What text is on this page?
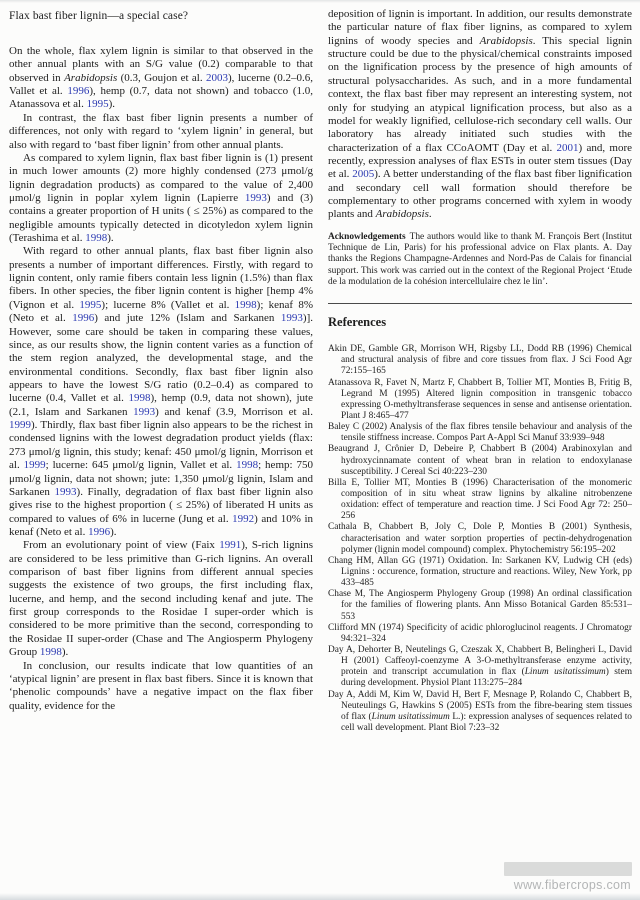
Flax bast fiber lignin—a special case?

On the whole, flax xylem lignin is similar to that observed in the other annual plants with an S/G value (0.2) comparable to that observed in Arabidopsis (0.3, Goujon et al. 2003), lucerne (0.2–0.6, Vallet et al. 1996), hemp (0.7, data not shown) and tobacco (1.0, Atanassova et al. 1995).

In contrast, the flax bast fiber lignin presents a number of differences, not only with regard to ‘xylem lignin’ in general, but also with regard to ‘bast fiber lignin’ from other annual plants.

As compared to xylem lignin, flax bast fiber lignin is (1) present in much lower amounts (2) more highly condensed (273 μmol/g lignin degradation products) as compared to the value of 2,400 μmol/g lignin in poplar xylem lignin (Lapierre 1993) and (3) contains a greater proportion of H units ( ≤ 25%) as compared to the negligible amounts typically detected in dicotyledon xylem lignin (Terashima et al. 1998).

With regard to other annual plants, flax bast fiber lignin also presents a number of important differences. Firstly, with regard to lignin content, only ramie fibers contain less lignin (1.5%) than flax fibers. In other species, the fiber lignin content is higher [hemp 4% (Vignon et al. 1995); lucerne 8% (Vallet et al. 1998); kenaf 8% (Neto et al. 1996) and jute 12% (Islam and Sarkanen 1993)]. However, some care should be taken in comparing these values, since, as our results show, the lignin content varies as a function of the stem region analyzed, the developmental stage, and the environmental conditions. Secondly, flax bast fiber lignin also appears to have the lowest S/G ratio (0.2–0.4) as compared to lucerne (0.4, Vallet et al. 1998), hemp (0.9, data not shown), jute (2.1, Islam and Sarkanen 1993) and kenaf (3.9, Morrison et al. 1999). Thirdly, flax bast fiber lignin also appears to be the richest in condensed lignins with the lowest degradation product yields (flax: 273 μmol/g lignin, this study; kenaf: 450 μmol/g lignin, Morrison et al. 1999; lucerne: 645 μmol/g lignin, Vallet et al. 1998; hemp: 750 μmol/g lignin, data not shown; jute: 1,350 μmol/g lignin, Islam and Sarkanen 1993). Finally, degradation of flax bast fiber lignin also gives rise to the highest proportion ( ≤ 25%) of liberated H units as compared to values of 6% in lucerne (Jung et al. 1992) and 10% in kenaf (Neto et al. 1996).

From an evolutionary point of view (Faix 1991), S-rich lignins are considered to be less primitive than G-rich lignins. An overall comparison of bast fiber lignins from different annual species suggests the existence of two groups, the first including flax, lucerne, and hemp, and the second including kenaf and jute. The first group corresponds to the Rosidae I super-order which is considered to be more primitive than the second, corresponding to the Rosidae II super-order (Chase and The Angiosperm Phylogeny Group 1998).

In conclusion, our results indicate that low quantities of an ‘atypical lignin’ are present in flax bast fibers. Since it is known that ‘phenolic compounds’ have a negative impact on the flax fiber quality, evidence for the

deposition of lignin is important. In addition, our results demonstrate the particular nature of flax fiber lignins, as compared to xylem lignins of woody species and Arabidopsis. This special lignin structure could be due to the physical/chemical constraints imposed on the lignification process by the presence of high amounts of structural polysaccharides. As such, and in a more fundamental context, the flax bast fiber may represent an interesting system, not only for studying an atypical lignification process, but also as a model for weakly lignified, cellulose-rich secondary cell walls. Our laboratory has already initiated such studies with the characterization of a flax CCoAOMT (Day et al. 2001) and, more recently, expression analyses of flax ESTs in outer stem tissues (Day et al. 2005). A better understanding of the flax bast fiber lignification and secondary cell wall formation should therefore be complementary to other programs concerned with xylem in woody plants and Arabidopsis.

Acknowledgements The authors would like to thank M. François Bert (Institut Technique de Lin, Paris) for his professional advice on Flax plants. A. Day thanks the Regions Champagne-Ardennes and Nord-Pas de Calais for financial support. This work was carried out in the context of the Regional Project ‘Etude de la modulation de la cohésion intercellulaire chez le lin’.

References

Akin DE, Gamble GR, Morrison WH, Rigsby LL, Dodd RB (1996) Chemical and structural analysis of fibre and core tissues from flax. J Sci Food Agr 72:155–165

Atanassova R, Favet N, Martz F, Chabbert B, Tollier MT, Monties B, Fritig B, Legrand M (1995) Altered lignin composition in transgenic tobacco expressing O-methyltransferase sequences in sense and antisense orientation. Plant J 8:465–477

Baley C (2002) Analysis of the flax fibres tensile behaviour and analysis of the tensile stiffness increase. Compos Part A-Appl Sci Manuf 33:939–948

Beaugrand J, Crônier D, Debeire P, Chabbert B (2004) Arabinoxylan and hydroxycinnamate content of wheat bran in relation to endoxylanase susceptibility. J Cereal Sci 40:223–230

Billa E, Tollier MT, Monties B (1996) Characterisation of the monomeric composition of in situ wheat straw lignins by alkaline nitrobenzene oxidation: effect of temperature and reaction time. J Sci Food Agr 72: 250–256

Cathala B, Chabbert B, Joly C, Dole P, Monties B (2001) Synthesis, characterisation and water sorption properties of pectin-dehydrogenation polymer (lignin model compound) complex. Phytochemistry 56:195–202

Chang HM, Allan GG (1971) Oxidation. In: Sarkanen KV, Ludwig CH (eds) Lignins : occurence, formation, structure and reactions. Wiley, New York, pp 433–485

Chase M, The Angiosperm Phylogeny Group (1998) An ordinal classification for the families of flowering plants. Ann Misso Botanical Garden 85:531–553

Clifford MN (1974) Specificity of acidic phloroglucinol reagents. J Chromatogr 94:321–324

Day A, Dehorter B, Neutelings G, Czeszak X, Chabbert B, Belingheri L, David H (2001) Caffeoyl-coenzyme A 3-O-methyltransferase enzyme activity, protein and transcript accumulation in flax (Linum usitatissimum) stem during development. Physiol Plant 113:275–284

Day A, Addi M, Kim W, David H, Bert F, Mesnage P, Rolando C, Chabbert B, Neuteulings G, Hawkins S (2005) ESTs from the fibre-bearing stem tissues of flax (Linum usitatissimum L.): expression analyses of sequences related to cell wall development. Plant Biol 7:23–32

www.fibercrops.com
